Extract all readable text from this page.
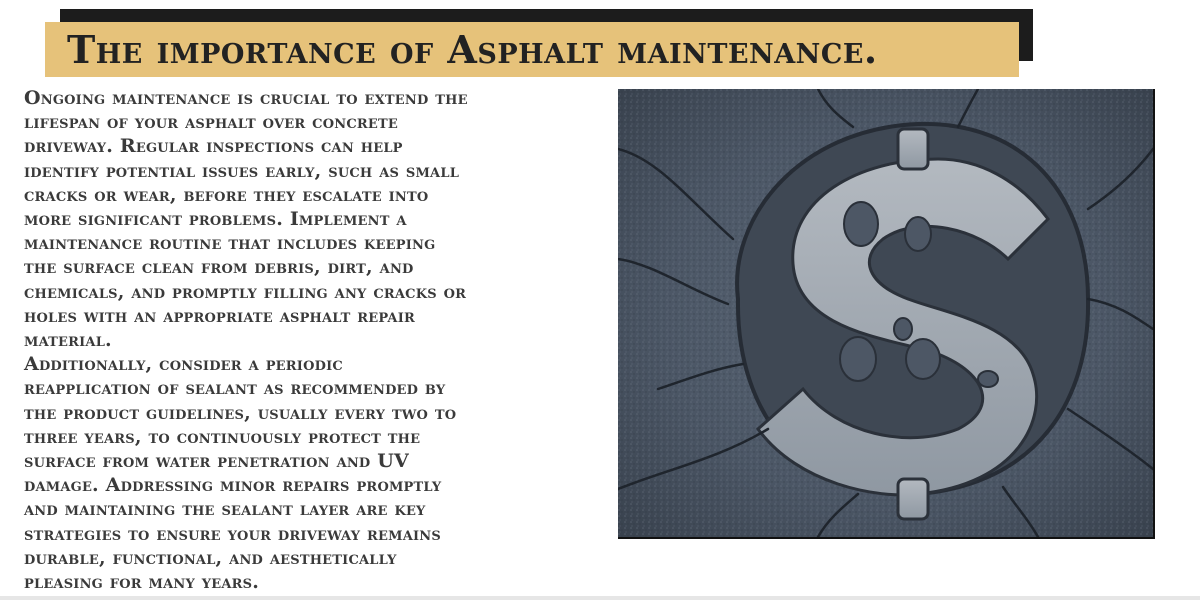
The importance of Asphalt maintenance.

Ongoing maintenance is crucial to extend the
lifespan of your asphalt over concrete
driveway. Regular inspections can help
identify potential issues early, such as small
cracks or wear, before they escalate into
more significant problems. Implement a
maintenance routine that includes keeping
the surface clean from debris, dirt, and
chemicals, and promptly filling any cracks or
holes with an appropriate asphalt repair
material.

Additionally, consider a periodic
reapplication of sealant as recommended by
the product guidelines, usually every two to
three years, to continuously protect the
surface from water penetration and UV
damage. Addressing minor repairs promptly
and maintaining the sealant layer are key
strategies to ensure your driveway remains
durable, functional, and aesthetically
pleasing for many years.
